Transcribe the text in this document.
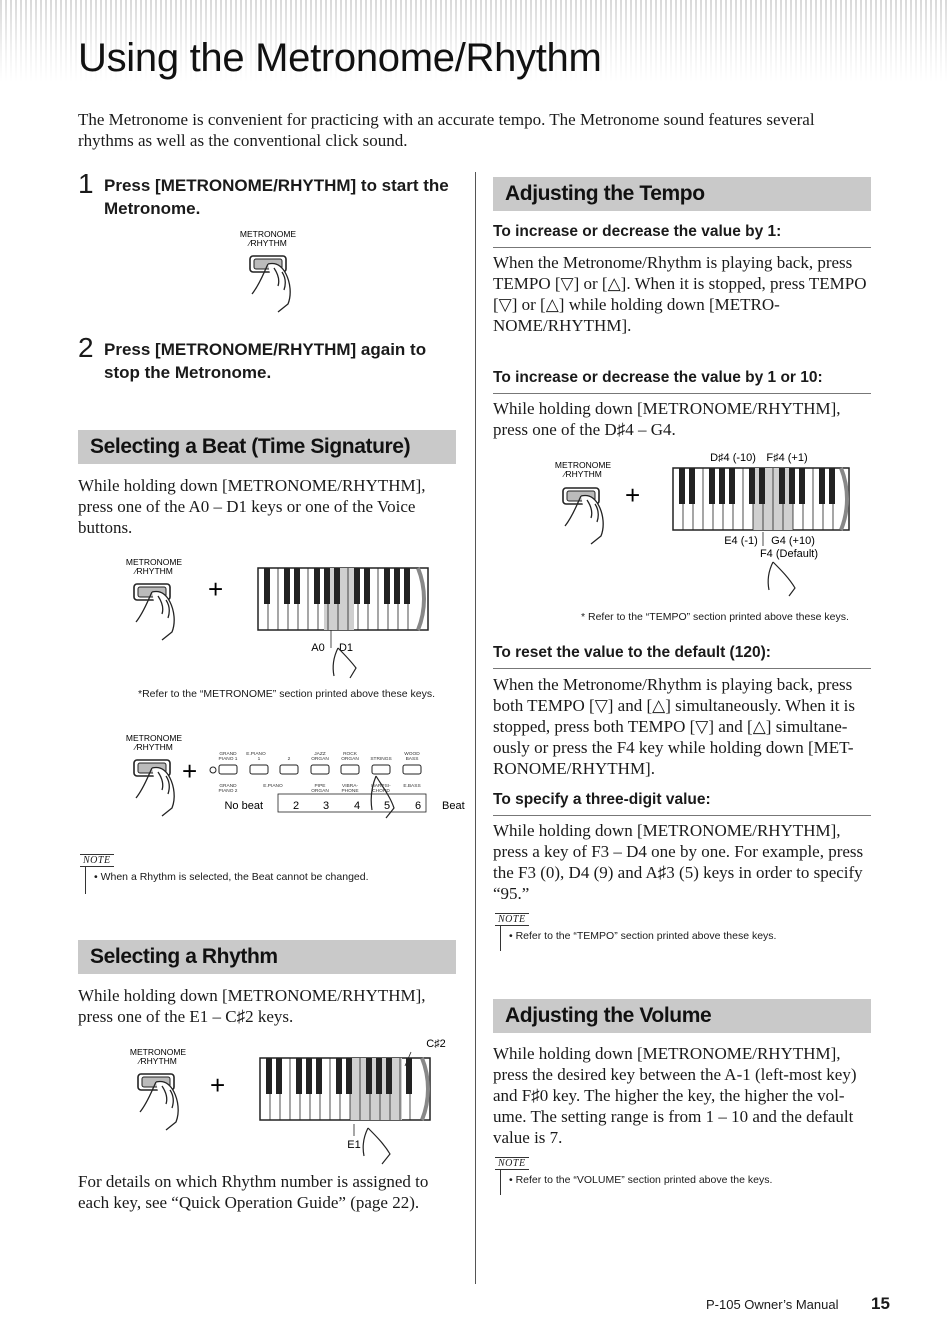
Using the Metronome/Rhythm

The Metronome is convenient for practicing with an accurate tempo. The Metronome sound features several rhythms as well as the conventional click sound.

1 Press [METRONOME/RHYTHM] to start the Metronome.
METRONOME
∕RHYTHM
2 Press [METRONOME/RHYTHM] again to stop the Metronome.
Selecting a Beat (Time Signature)

While holding down [METRONOME/RHYTHM], press one of the A0 – D1 keys or one of the Voice buttons.

METRONOME
∕RHYTHM
+
A0 D1
*Refer to the “METRONOME” section printed above these keys.
METRONOME
∕RHYTHM
+
GRAND
PIANO 1
E.PIANO
1	2
JAZZ
ORGAN
ROCK
ORGAN STRINGS
WOOD
BASS
GRAND
PIANO 2
E.PIANO	PIPE
ORGAN
VIBRA-
PHONE
HARPSI-
CHORD
E.BASS
No beat	2 3 4 5 6 Beat
NOTE
• When a Rhythm is selected, the Beat cannot be changed.
Selecting a Rhythm

While holding down [METRONOME/RHYTHM], press one of the E1 – C♯2 keys.

METRONOME
∕RHYTHM
+
C♯2
E1

For details on which Rhythm number is assigned to each key, see “Quick Operation Guide” (page 22).

Adjusting the Tempo
To increase or decrease the value by 1:

When the Metronome/Rhythm is playing back, press TEMPO [▽] or [△]. When it is stopped, press TEMPO [▽] or [△] while holding down [METRO-NOME/RHYTHM].

To increase or decrease the value by 1 or 10:

While holding down [METRONOME/RHYTHM], press one of the D♯4 – G4.

METRONOME
∕RHYTHM
+
D♯4 (-10) F♯4 (+1)
E4 (-1) G4 (+10)
F4 (Default)
* Refer to the “TEMPO” section printed above these keys.
To reset the value to the default (120):

When the Metronome/Rhythm is playing back, press both TEMPO [▽] and [△] simultaneously. When it is stopped, press both TEMPO [▽] and [△] simultane-ously or press the F4 key while holding down [MET-RONOME/RHYTHM].

To specify a three-digit value:

While holding down [METRONOME/RHYTHM], press a key of F3 – D4 one by one. For example, press the F3 (0), D4 (9) and A♯3 (5) keys in order to specify “95.”

NOTE
• Refer to the “TEMPO” section printed above these keys.
Adjusting the Volume

While holding down [METRONOME/RHYTHM], press the desired key between the A-1 (left-most key) and F♯0 key. The higher the key, the higher the vol-ume. The setting range is from 1 – 10 and the default value is 7.

NOTE
• Refer to the “VOLUME” section printed above the keys.
P-105 Owner’s Manual 15
